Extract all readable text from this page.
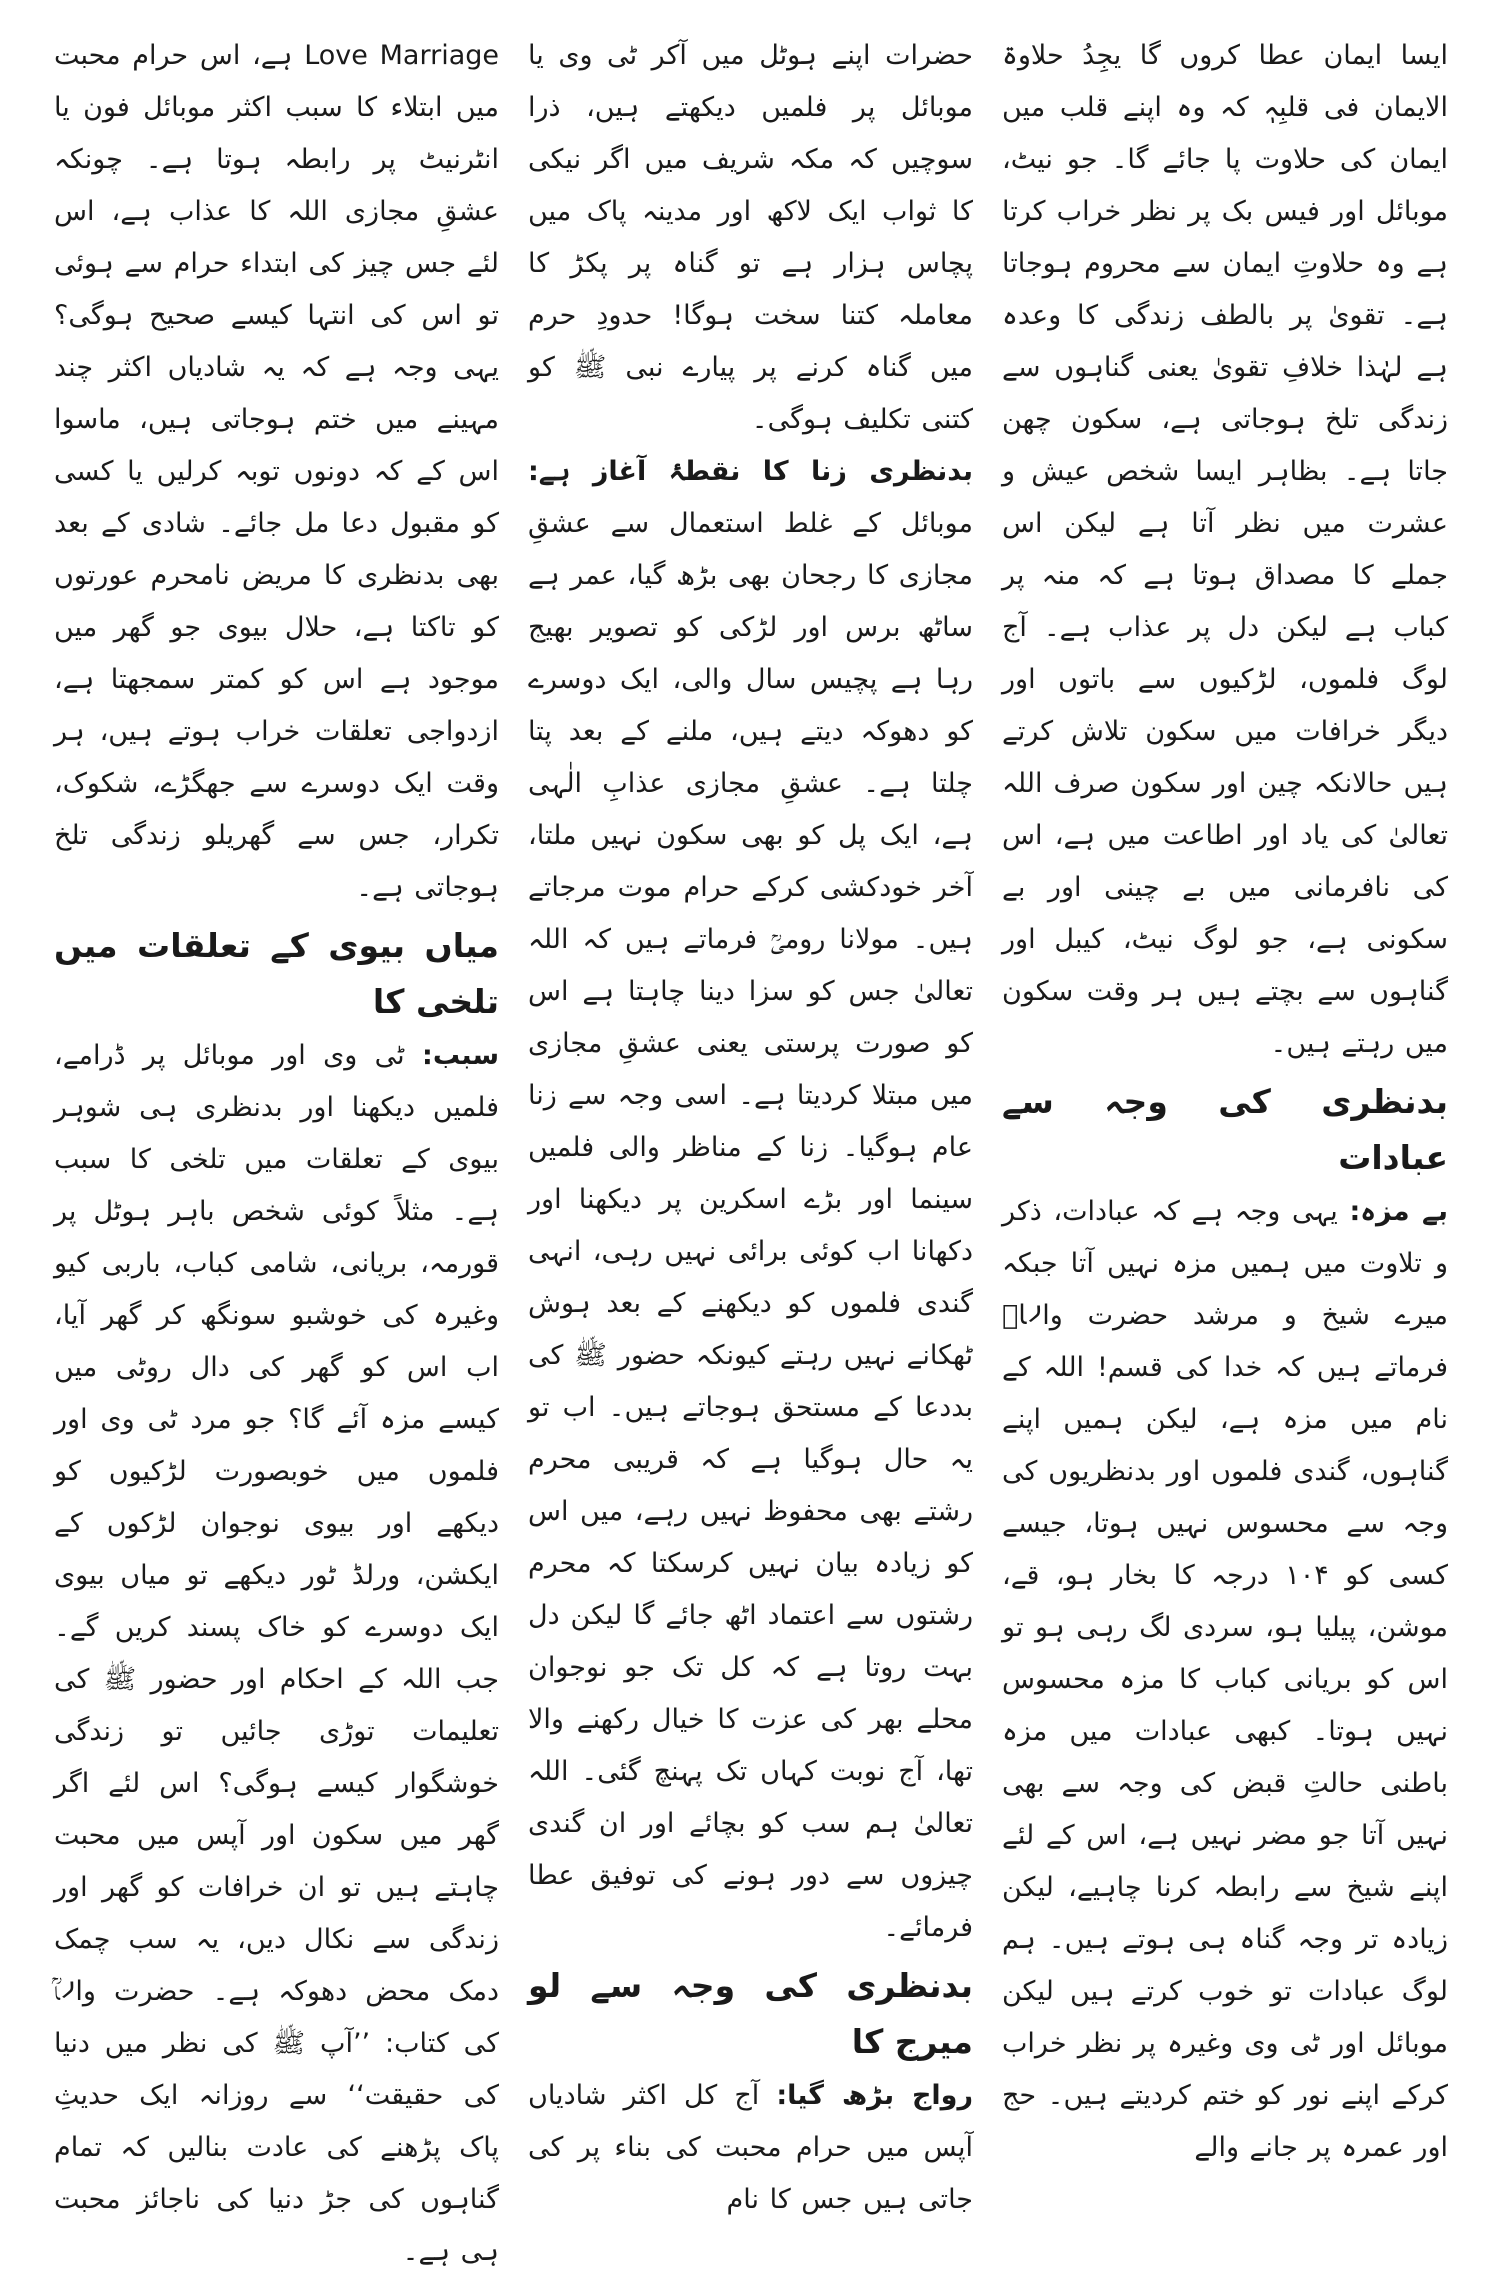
ایسا ایمان عطا کروں گا یجِدُ حلاوۃ الایمان فی قلبِہٖ کہ وہ اپنے قلب میں ایمان کی حلاوت پا جائے گا۔ جو نیٹ، موبائل اور فیس بک پر نظر خراب کرتا ہے وہ حلاوتِ ایمان سے محروم ہوجاتا ہے۔ تقویٰ پر بالطف زندگی کا وعدہ ہے لہٰذا خلافِ تقویٰ یعنی گناہوں سے زندگی تلخ ہوجاتی ہے، سکون چھن جاتا ہے۔ بظاہر ایسا شخص عیش و عشرت میں نظر آتا ہے لیکن اس جملے کا مصداق ہوتا ہے کہ منہ پر کباب ہے لیکن دل پر عذاب ہے۔ آج لوگ فلموں، لڑکیوں سے باتوں اور دیگر خرافات میں سکون تلاش کرتے ہیں حالانکہ چین اور سکون صرف اللہ تعالیٰ کی یاد اور اطاعت میں ہے، اس کی نافرمانی میں بے چینی اور بے سکونی ہے، جو لوگ نیٹ، کیبل اور گناہوں سے بچتے ہیں ہر وقت سکون میں رہتے ہیں۔

بدنظری کی وجہ سے عبادات

بے مزہ: یہی وجہ ہے کہ عبادات، ذکر و تلاوت میں ہمیں مزہ نہیں آتا جبکہ میرے شیخ و مرشد حضرت والاؒ فرماتے ہیں کہ خدا کی قسم! اللہ کے نام میں مزہ ہے، لیکن ہمیں اپنے گناہوں، گندی فلموں اور بدنظریوں کی وجہ سے محسوس نہیں ہوتا، جیسے کسی کو ۱۰۴ درجہ کا بخار ہو، قے، موشن، پیلیا ہو، سردی لگ رہی ہو تو اس کو بریانی کباب کا مزہ محسوس نہیں ہوتا۔ کبھی عبادات میں مزہ باطنی حالتِ قبض کی وجہ سے بھی نہیں آتا جو مضر نہیں ہے، اس کے لئے اپنے شیخ سے رابطہ کرنا چاہیے، لیکن زیادہ تر وجہ گناہ ہی ہوتے ہیں۔ ہم لوگ عبادات تو خوب کرتے ہیں لیکن موبائل اور ٹی وی وغیرہ پر نظر خراب کرکے اپنے نور کو ختم کردیتے ہیں۔ حج اور عمرہ پر جانے والے

حضرات اپنے ہوٹل میں آکر ٹی وی یا موبائل پر فلمیں دیکھتے ہیں، ذرا سوچیں کہ مکہ شریف میں اگر نیکی کا ثواب ایک لاکھ اور مدینہ پاک میں پچاس ہزار ہے تو گناہ پر پکڑ کا معاملہ کتنا سخت ہوگا! حدودِ حرم میں گناہ کرنے پر پیارے نبی ﷺ کو کتنی تکلیف ہوگی۔

بدنظری زنا کا نقطۂ آغاز ہے: موبائل کے غلط استعمال سے عشقِ مجازی کا رجحان بھی بڑھ گیا، عمر ہے ساٹھ برس اور لڑکی کو تصویر بھیج رہا ہے پچیس سال والی، ایک دوسرے کو دھوکہ دیتے ہیں، ملنے کے بعد پتا چلتا ہے۔ عشقِ مجازی عذابِ الٰہی ہے، ایک پل کو بھی سکون نہیں ملتا، آخر خودکشی کرکے حرام موت مرجاتے ہیں۔ مولانا رومیؒ فرماتے ہیں کہ اللہ تعالیٰ جس کو سزا دینا چاہتا ہے اس کو صورت پرستی یعنی عشقِ مجازی میں مبتلا کردیتا ہے۔ اسی وجہ سے زنا عام ہوگیا۔ زنا کے مناظر والی فلمیں سینما اور بڑے اسکرین پر دیکھنا اور دکھانا اب کوئی برائی نہیں رہی، انہی گندی فلموں کو دیکھنے کے بعد ہوش ٹھکانے نہیں رہتے کیونکہ حضور ﷺ کی بددعا کے مستحق ہوجاتے ہیں۔ اب تو یہ حال ہوگیا ہے کہ قریبی محرم رشتے بھی محفوظ نہیں رہے، میں اس کو زیادہ بیان نہیں کرسکتا کہ محرم رشتوں سے اعتماد اٹھ جائے گا لیکن دل بہت روتا ہے کہ کل تک جو نوجوان محلے بھر کی عزت کا خیال رکھنے والا تھا، آج نوبت کہاں تک پہنچ گئی۔ اللہ تعالیٰ ہم سب کو بچائے اور ان گندی چیزوں سے دور ہونے کی توفیق عطا فرمائے۔

بدنظری کی وجہ سے لو میرج کا

رواج بڑھ گیا: آج کل اکثر شادیاں آپس میں حرام محبت کی بناء پر کی جاتی ہیں جس کا نام

Love Marriage ہے، اس حرام محبت میں ابتلاء کا سبب اکثر موبائل فون یا انٹرنیٹ پر رابطہ ہوتا ہے۔ چونکہ عشقِ مجازی اللہ کا عذاب ہے، اس لئے جس چیز کی ابتداء حرام سے ہوئی تو اس کی انتہا کیسے صحیح ہوگی؟ یہی وجہ ہے کہ یہ شادیاں اکثر چند مہینے میں ختم ہوجاتی ہیں، ماسوا اس کے کہ دونوں توبہ کرلیں یا کسی کو مقبول دعا مل جائے۔ شادی کے بعد بھی بدنظری کا مریض نامحرم عورتوں کو تاکتا ہے، حلال بیوی جو گھر میں موجود ہے اس کو کمتر سمجھتا ہے، ازدواجی تعلقات خراب ہوتے ہیں، ہر وقت ایک دوسرے سے جھگڑے، شکوک، تکرار، جس سے گھریلو زندگی تلخ ہوجاتی ہے۔

میاں بیوی کے تعلقات میں تلخی کا

سبب: ٹی وی اور موبائل پر ڈرامے، فلمیں دیکھنا اور بدنظری ہی شوہر بیوی کے تعلقات میں تلخی کا سبب ہے۔ مثلاً کوئی شخص باہر ہوٹل پر قورمہ، بریانی، شامی کباب، باربی کیو وغیرہ کی خوشبو سونگھ کر گھر آیا، اب اس کو گھر کی دال روٹی میں کیسے مزہ آئے گا؟ جو مرد ٹی وی اور فلموں میں خوبصورت لڑکیوں کو دیکھے اور بیوی نوجوان لڑکوں کے ایکشن، ورلڈ ٹور دیکھے تو میاں بیوی ایک دوسرے کو خاک پسند کریں گے۔ جب اللہ کے احکام اور حضور ﷺ کی تعلیمات توڑی جائیں تو زندگی خوشگوار کیسے ہوگی؟ اس لئے اگر گھر میں سکون اور آپس میں محبت چاہتے ہیں تو ان خرافات کو گھر اور زندگی سے نکال دیں، یہ سب چمک دمک محض دھوکہ ہے۔ حضرت والاؒ کی کتاب: ’’آپ ﷺ کی نظر میں دنیا کی حقیقت‘‘ سے روزانہ ایک حدیثِ پاک پڑھنے کی عادت بنالیں کہ تمام گناہوں کی جڑ دنیا کی ناجائز محبت ہی ہے۔
